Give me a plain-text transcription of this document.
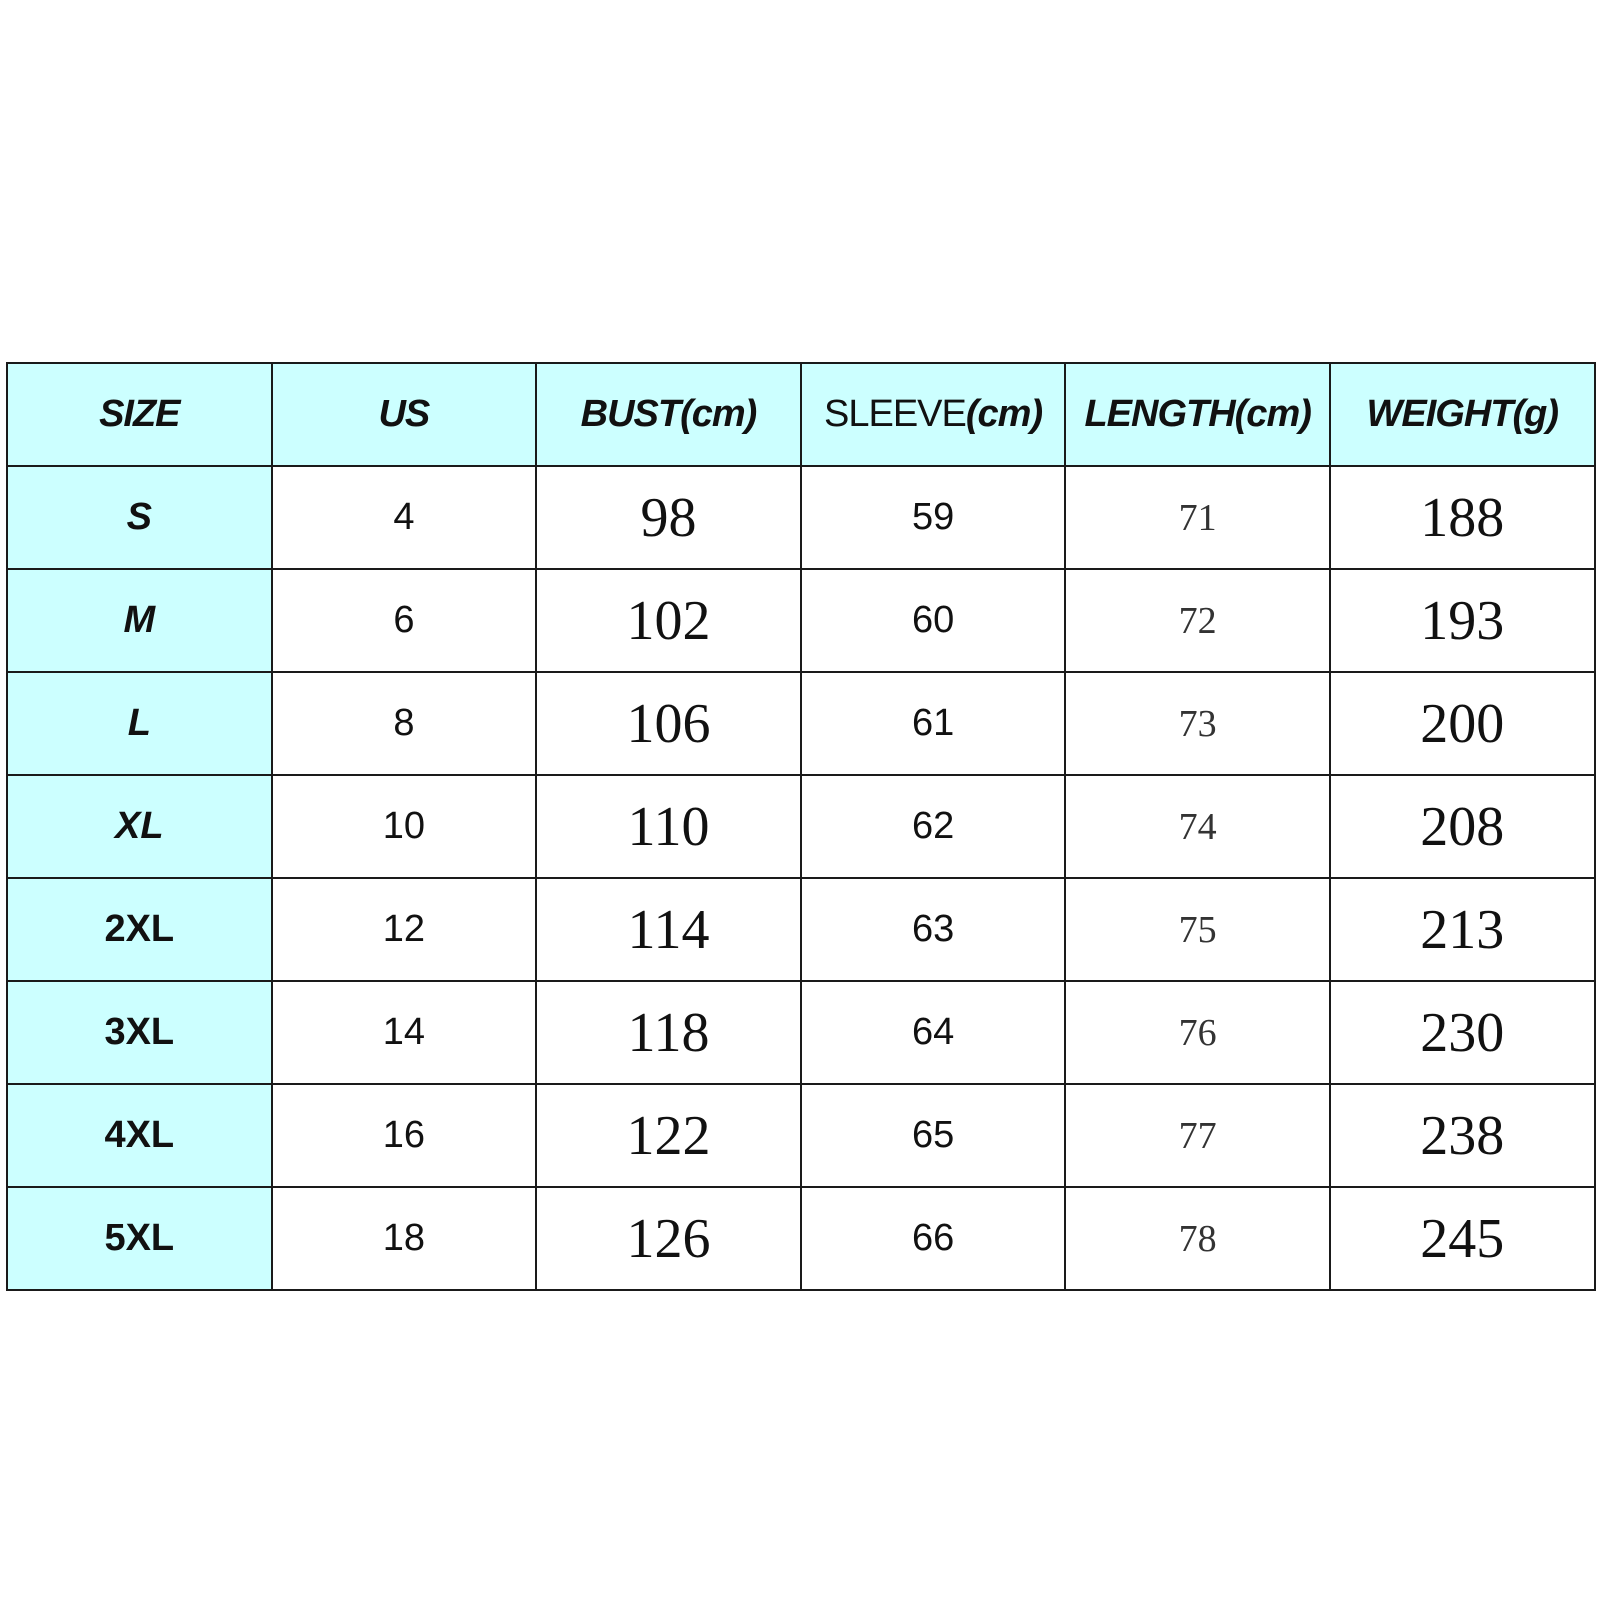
SIZE	US	BUST(cm)	SLEEVE(cm)	LENGTH(cm)	WEIGHT(g)
S	4	98	59	71	188
M	6	102	60	72	193
L	8	106	61	73	200
XL	10	110	62	74	208
2XL	12	114	63	75	213
3XL	14	118	64	76	230
4XL	16	122	65	77	238
5XL	18	126	66	78	245
